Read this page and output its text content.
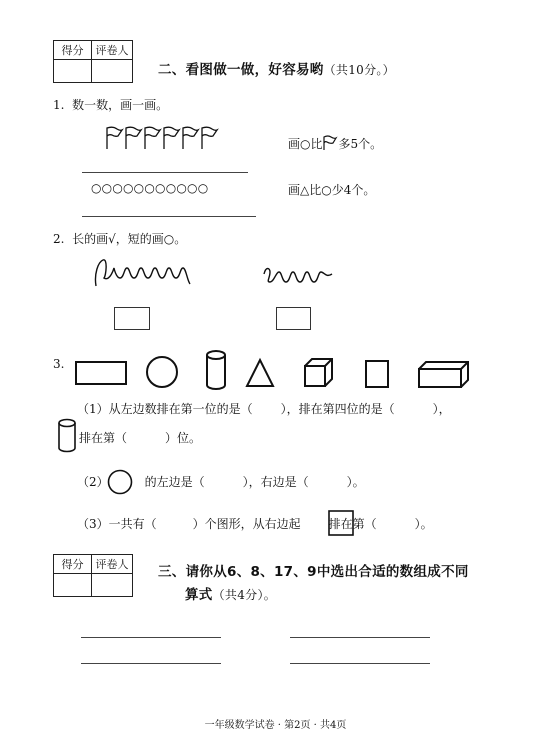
得分	评卷人

二、看图做一做，好容易哟（共10分。）
1. 数一数，画一画。
画○比 多5个。
○○○○○○○○○○○	画△比○少4个。
2. 长的画√，短的画○。
3.
（1）从左边数排在第一位的是（ ），排在第四位的是（	），
排在第（	）位。
（2）	的左边是（	），右边是（	）。
（3）一共有（	）个图形，从右边起 排在第（	）。
得分	评卷人
	三、请你从6、8、17、9中选出合适的数组成不同
算式（共4分）。
一年级数学试卷 · 第2页 · 共4页
